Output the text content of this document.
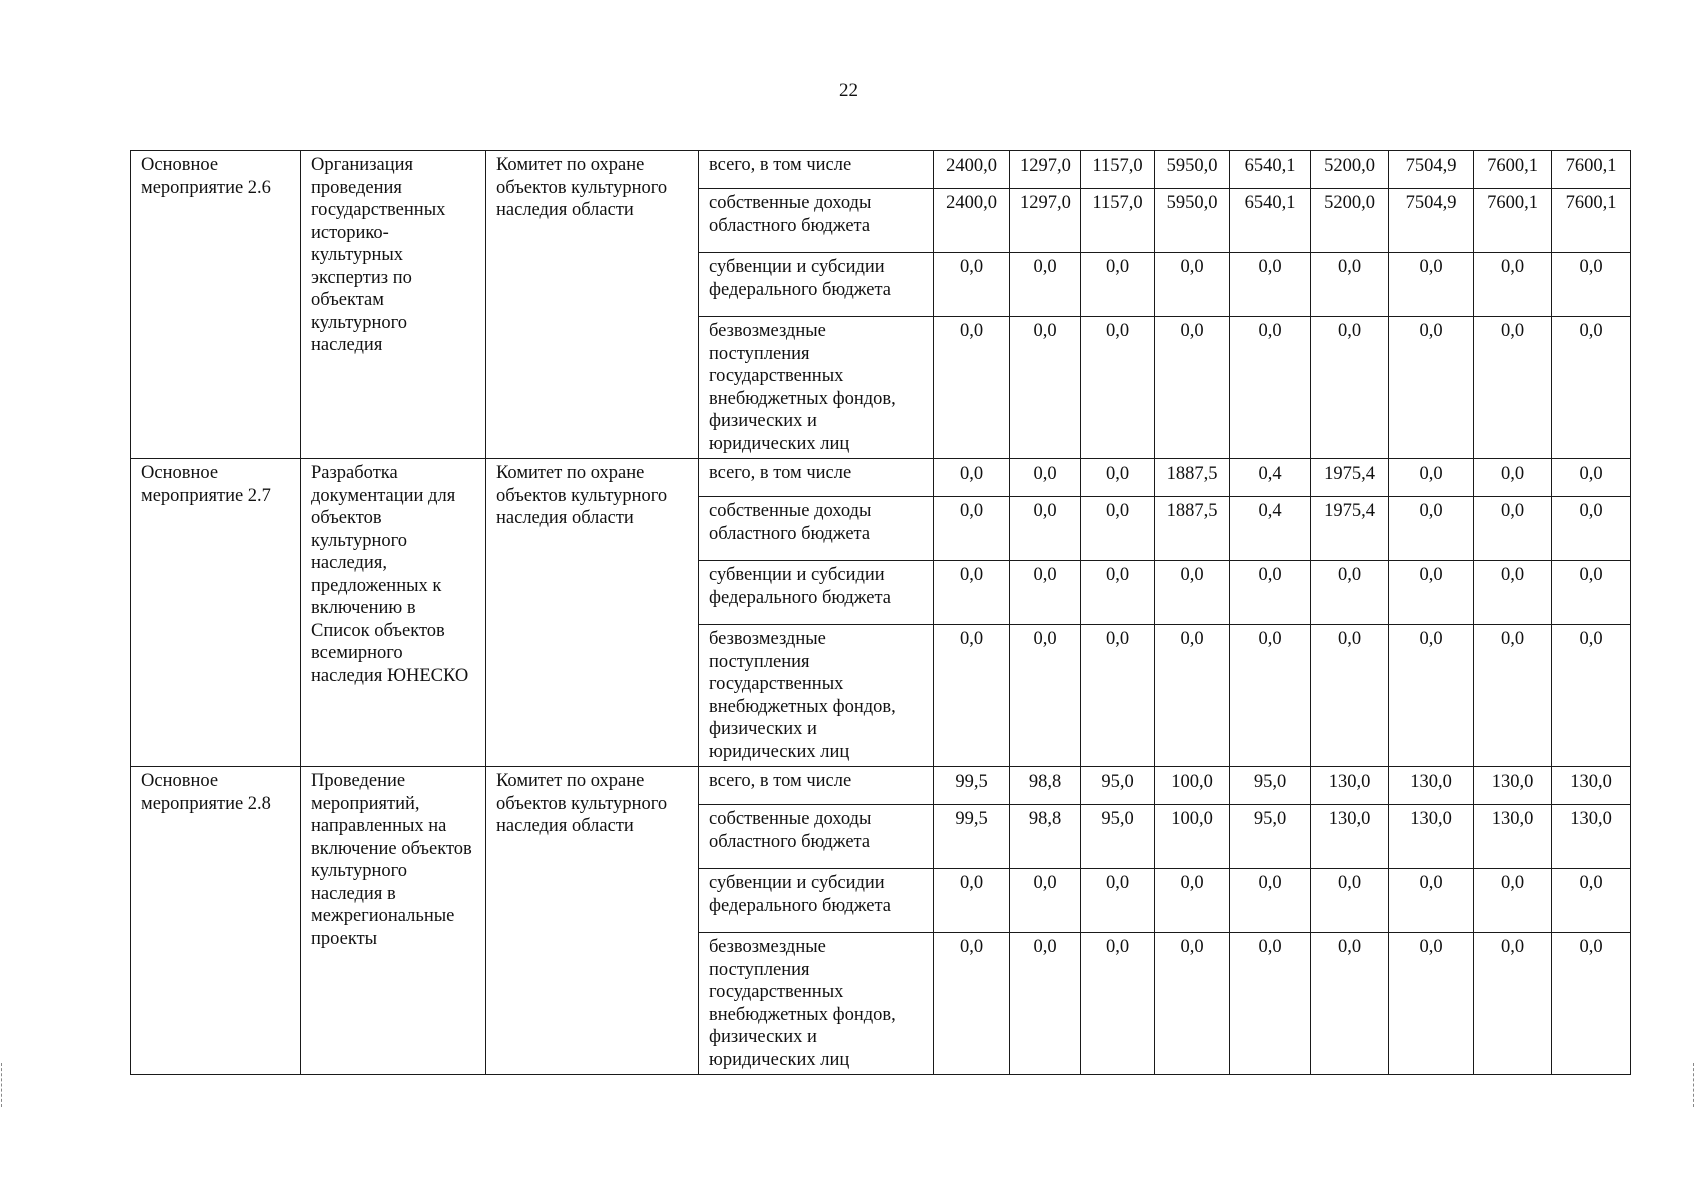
22
Основное мероприятие 2.6	Организация проведения государственных историко-культурных экспертиз по объектам культурного наследия	Комитет по охране объектов культурного наследия области	всего, в том числе	2400,0	1297,0	1157,0	5950,0	6540,1	5200,0	7504,9	7600,1	7600,1
			собственные доходы областного бюджета	2400,0	1297,0	1157,0	5950,0	6540,1	5200,0	7504,9	7600,1	7600,1
			субвенции и субсидии федерального бюджета	0,0	0,0	0,0	0,0	0,0	0,0	0,0	0,0	0,0
			безвозмездные поступления государственных внебюджетных фондов, физических и юридических лиц	0,0	0,0	0,0	0,0	0,0	0,0	0,0	0,0	0,0
Основное мероприятие 2.7	Разработка документации для объектов культурного наследия, предложенных к включению в Список объектов всемирного наследия ЮНЕСКО	Комитет по охране объектов культурного наследия области	всего, в том числе	0,0	0,0	0,0	1887,5	0,4	1975,4	0,0	0,0	0,0
			собственные доходы областного бюджета	0,0	0,0	0,0	1887,5	0,4	1975,4	0,0	0,0	0,0
			субвенции и субсидии федерального бюджета	0,0	0,0	0,0	0,0	0,0	0,0	0,0	0,0	0,0
			безвозмездные поступления государственных внебюджетных фондов, физических и юридических лиц	0,0	0,0	0,0	0,0	0,0	0,0	0,0	0,0	0,0
Основное мероприятие 2.8	Проведение мероприятий, направленных на включение объектов культурного наследия в межрегиональные проекты	Комитет по охране объектов культурного наследия области	всего, в том числе	99,5	98,8	95,0	100,0	95,0	130,0	130,0	130,0	130,0
			собственные доходы областного бюджета	99,5	98,8	95,0	100,0	95,0	130,0	130,0	130,0	130,0
			субвенции и субсидии федерального бюджета	0,0	0,0	0,0	0,0	0,0	0,0	0,0	0,0	0,0
			безвозмездные поступления государственных внебюджетных фондов, физических и юридических лиц	0,0	0,0	0,0	0,0	0,0	0,0	0,0	0,0	0,0
